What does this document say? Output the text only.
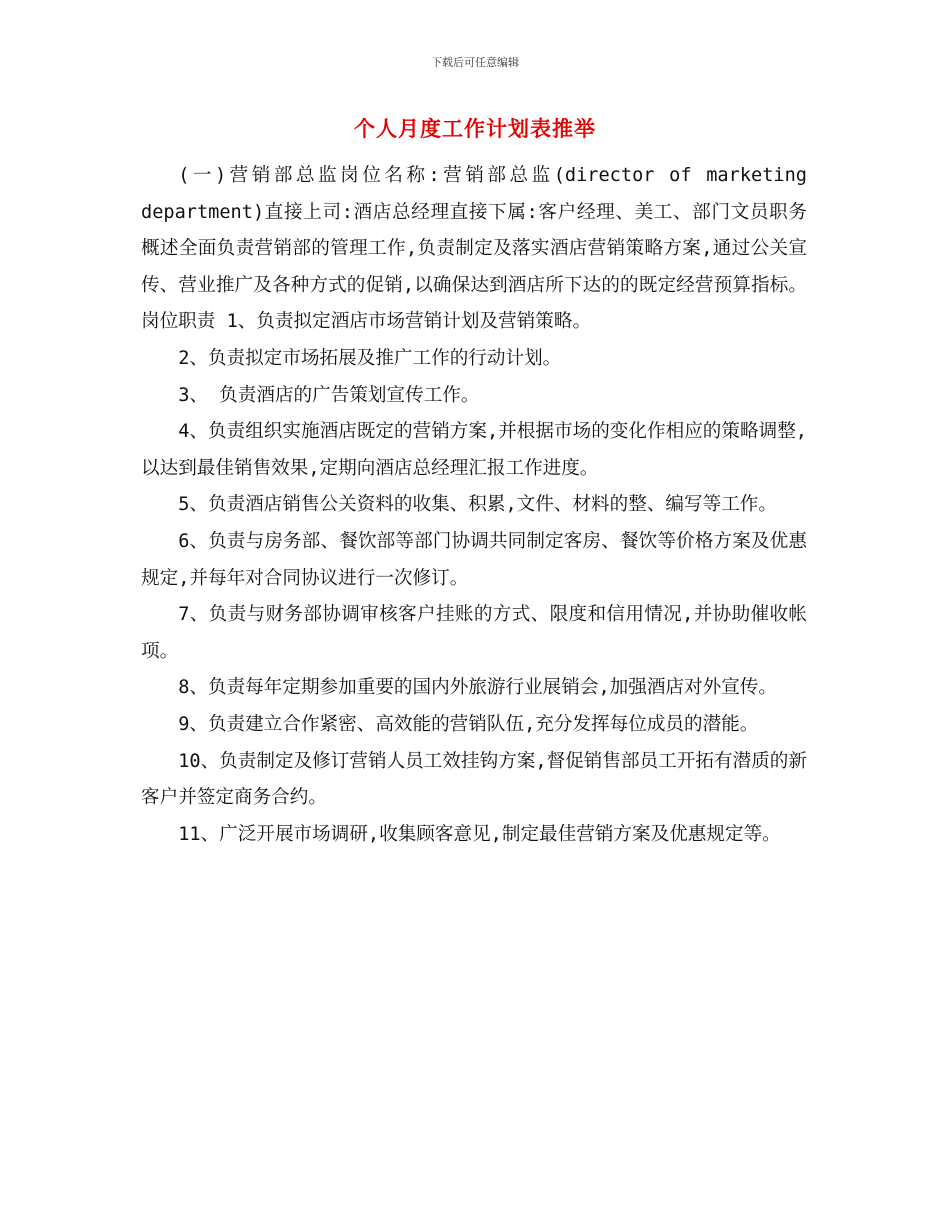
下载后可任意编辑
个人月度工作计划表推举

(一)营销部总监岗位名称:营销部总监(director of marketing department)直接上司:酒店总经理直接下属:客户经理、美工、部门文员职务概述全面负责营销部的管理工作,负责制定及落实酒店营销策略方案,通过公关宣传、营业推广及各种方式的促销,以确保达到酒店所下达的的既定经营预算指标。岗位职责 1、负责拟定酒店市场营销计划及营销策略。

2、负责拟定市场拓展及推广工作的行动计划。

3、 负责酒店的广告策划宣传工作。

4、负责组织实施酒店既定的营销方案,并根据市场的变化作相应的策略调整,以达到最佳销售效果,定期向酒店总经理汇报工作进度。

5、负责酒店销售公关资料的收集、积累,文件、材料的整、编写等工作。

6、负责与房务部、餐饮部等部门协调共同制定客房、餐饮等价格方案及优惠规定,并每年对合同协议进行一次修订。

7、负责与财务部协调审核客户挂账的方式、限度和信用情况,并协助催收帐项。

8、负责每年定期参加重要的国内外旅游行业展销会,加强酒店对外宣传。

9、负责建立合作紧密、高效能的营销队伍,充分发挥每位成员的潜能。

10、负责制定及修订营销人员工效挂钩方案,督促销售部员工开拓有潜质的新客户并签定商务合约。

11、广泛开展市场调研,收集顾客意见,制定最佳营销方案及优惠规定等。
